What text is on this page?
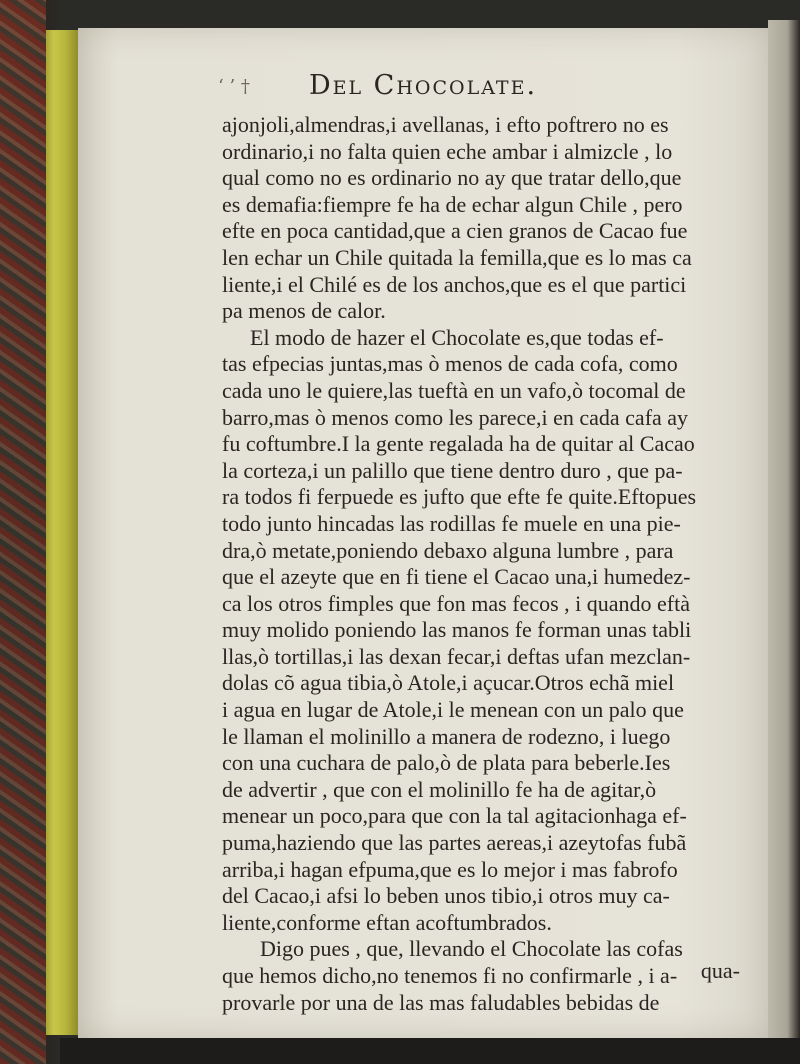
‘ ’ †	Del Chocolate.
ajonjoli,almendras,i avellanas, i efto poftrero no es
ordinario,i no falta quien eche ambar i almizcle , lo
qual como no es ordinario no ay que tratar dello,que
es demafia:fiempre fe ha de echar algun Chile , pero
efte en poca cantidad,que a cien granos de Cacao fue
len echar un Chile quitada la femilla,que es lo mas ca
liente,i el Chilé es de los anchos,que es el que partici
pa menos de calor.
El modo de hazer el Chocolate es,que todas ef-
tas efpecias juntas,mas ò menos de cada cofa, como
cada uno le quiere,las tueftà en un vafo,ò tocomal de
barro,mas ò menos como les parece,i en cada cafa ay
fu coftumbre.I la gente regalada ha de quitar al Cacao
la corteza,i un palillo que tiene dentro duro , que pa-
ra todos fi ferpuede es jufto que efte fe quite.Eftopues
todo junto hincadas las rodillas fe muele en una pie-
dra,ò metate,poniendo debaxo alguna lumbre , para
que el azeyte que en fi tiene el Cacao una,i humedez-
ca los otros fimples que fon mas fecos , i quando eftà
muy molido poniendo las manos fe forman unas tabli
llas,ò tortillas,i las dexan fecar,i deftas ufan mezclan-
dolas cõ agua tibia,ò Atole,i açucar.Otros echã miel
i agua en lugar de Atole,i le menean con un palo que
le llaman el molinillo a manera de rodezno, i luego
con una cuchara de palo,ò de plata para beberle.Ies
de advertir , que con el molinillo fe ha de agitar,ò
menear un poco,para que con la tal agitacionhaga ef-
puma,haziendo que las partes aereas,i azeytofas fubã
arriba,i hagan efpuma,que es lo mejor i mas fabrofo
del Cacao,i afsi lo beben unos tibio,i otros muy ca-
liente,conforme eftan acoftumbrados.
Digo pues , que, llevando el Chocolate las cofas
que hemos dicho,no tenemos fi no confirmarle , i a-
provarle por una de las mas faludables bebidas de
qua-
